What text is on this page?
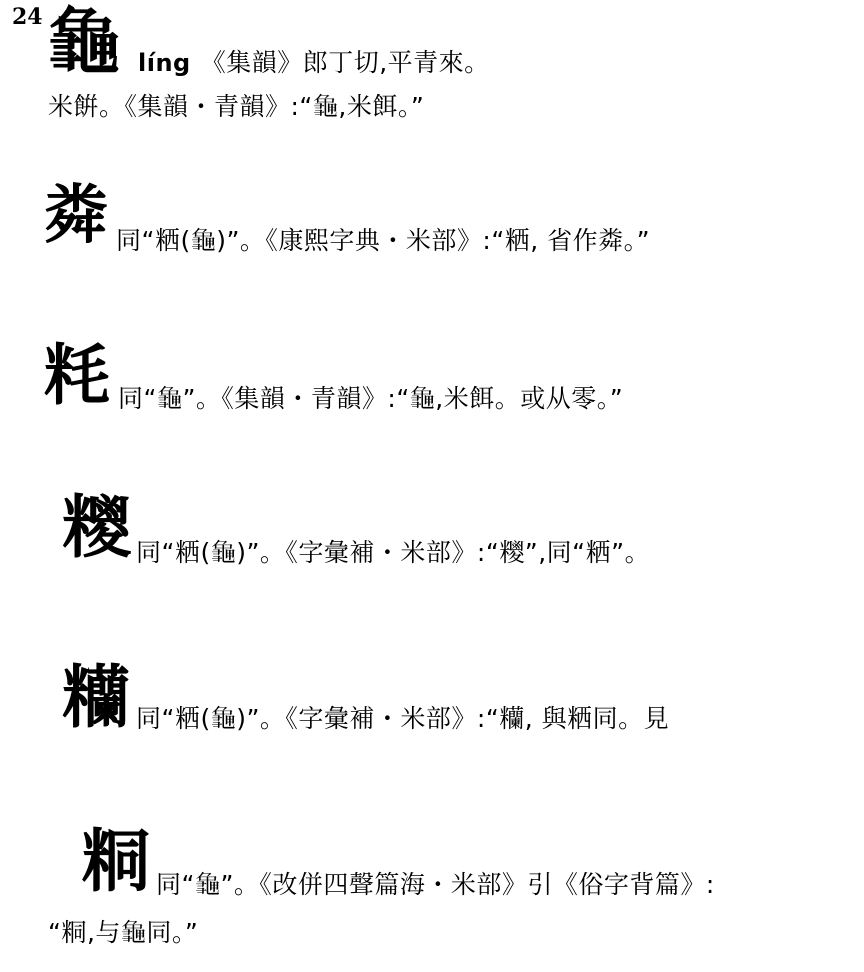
24 𪚧 líng 《集韻》郎丁切,平青來。
米餠。《集韻・青韻》:“𪚧,米餌。”
粦 同“粞(𪚧)”。《康熙字典・米部》:“粞, 省作粦。”
粍 同“𪚧”。《集韻・青韻》:“𪚧,米餌。或从零。”
糭 同“粞(𪚧)”。《字彙補・米部》:“糭”,同“粞”。
糷 同“粞(𪚧)”。《字彙補・米部》:“糷, 與粞同。見
粡 同“𪚧”。《改併四聲篇海・米部》引《俗字背篇》:
“粡,与𪚧同。”
